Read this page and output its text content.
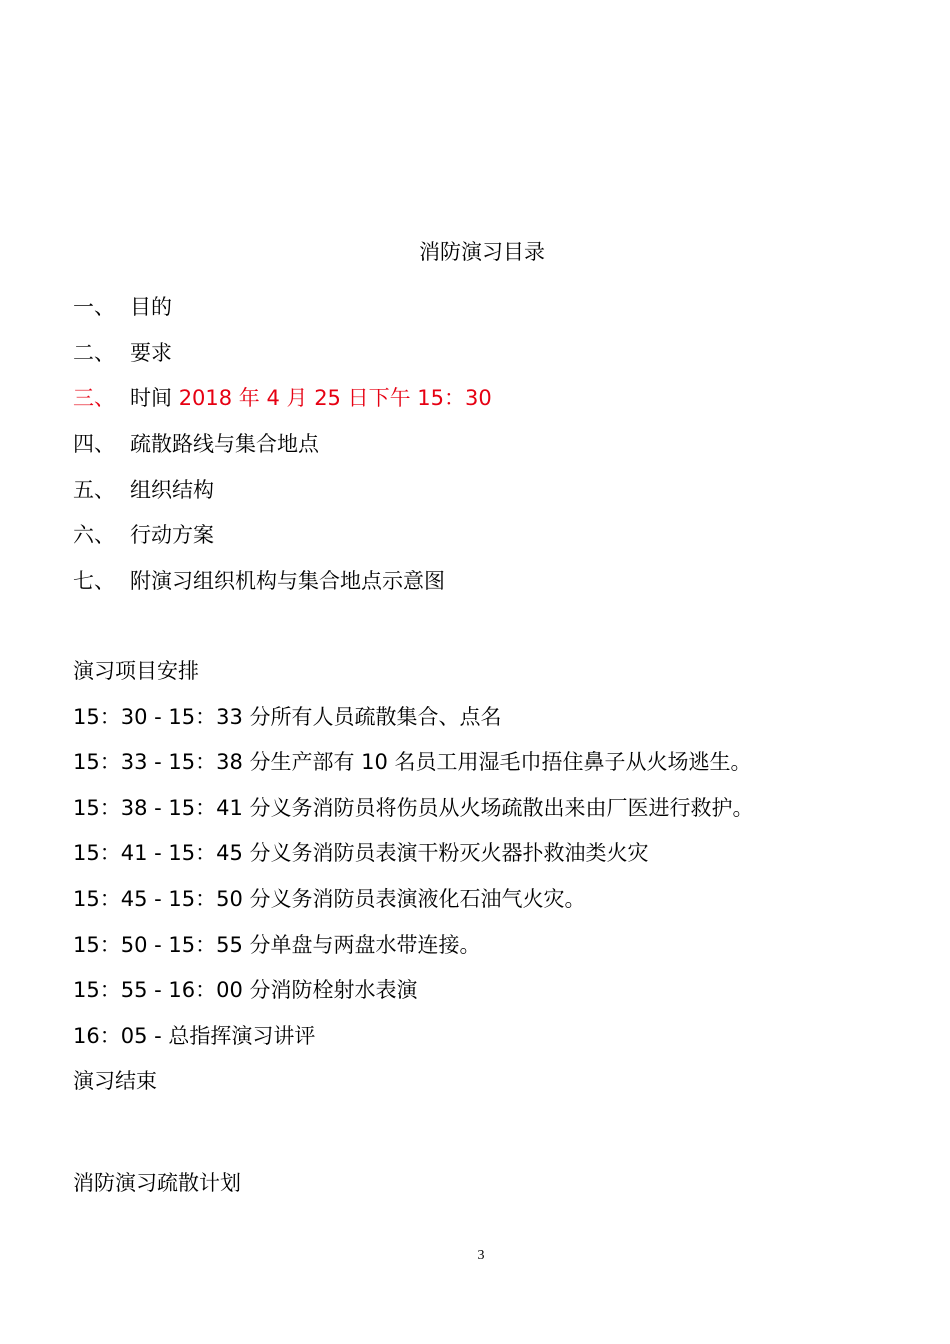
消防演习目录
一、 目的
二、 要求
三、 时间 2018 年 4 月 25 日下午 15：30
四、 疏散路线与集合地点
五、 组织结构
六、 行动方案
七、 附演习组织机构与集合地点示意图
演习项目安排
15：30 - 15：33 分所有人员疏散集合、点名
15：33 - 15：38 分生产部有 10 名员工用湿毛巾捂住鼻子从火场逃生。
15：38 - 15：41 分义务消防员将伤员从火场疏散出来由厂医进行救护。
15：41 - 15：45 分义务消防员表演干粉灭火器扑救油类火灾
15：45 - 15：50 分义务消防员表演液化石油气火灾。
15：50 - 15：55 分单盘与两盘水带连接。
15：55 - 16：00 分消防栓射水表演
16：05 - 总指挥演习讲评
演习结束
消防演习疏散计划
3
